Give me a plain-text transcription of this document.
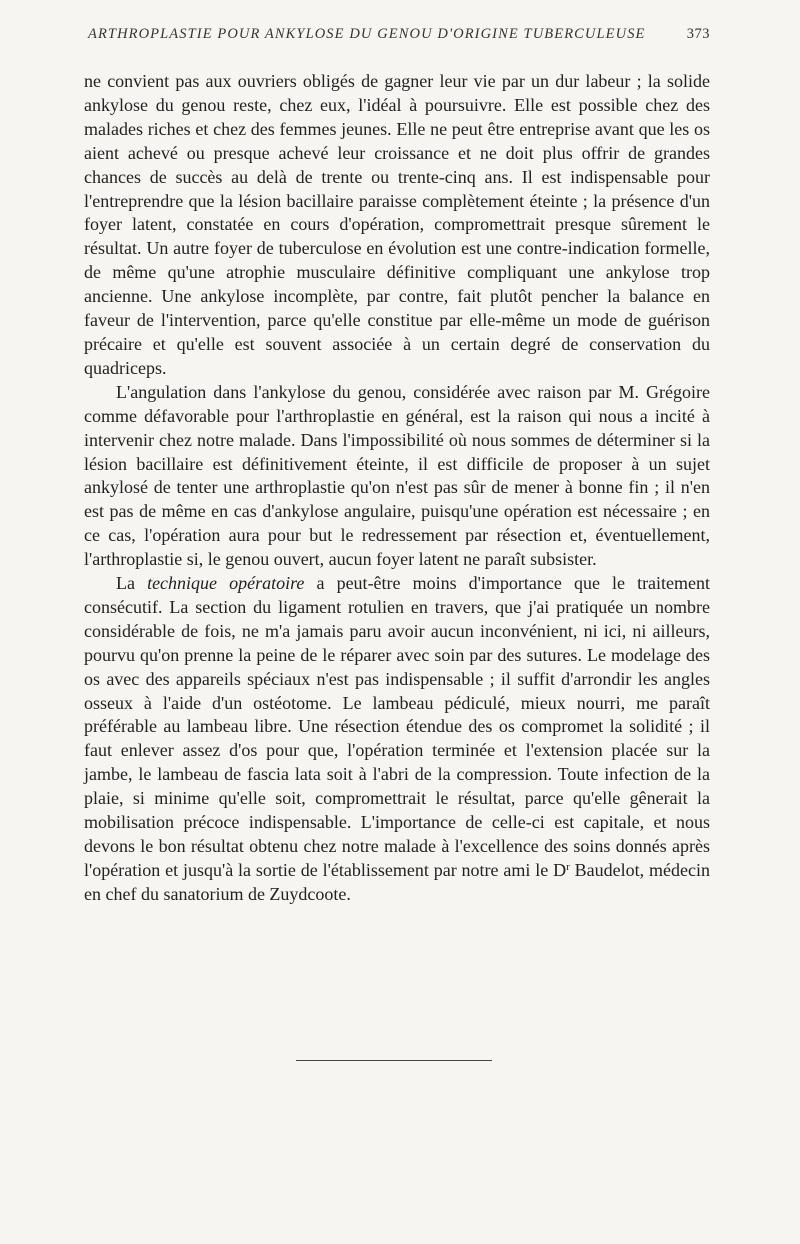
ARTHROPLASTIE POUR ANKYLOSE DU GENOU D'ORIGINE TUBERCULEUSE	373

ne convient pas aux ouvriers obligés de gagner leur vie par un dur labeur ; la solide ankylose du genou reste, chez eux, l'idéal à poursuivre. Elle est possible chez des malades riches et chez des femmes jeunes. Elle ne peut être entreprise avant que les os aient achevé ou presque achevé leur croissance et ne doit plus offrir de grandes chances de succès au delà de trente ou trente-cinq ans. Il est indispensable pour l'entreprendre que la lésion bacillaire paraisse complètement éteinte ; la présence d'un foyer latent, constatée en cours d'opération, compromettrait presque sûrement le résultat. Un autre foyer de tuberculose en évolution est une contre-indication formelle, de même qu'une atrophie musculaire définitive compliquant une ankylose trop ancienne. Une ankylose incomplète, par contre, fait plutôt pencher la balance en faveur de l'intervention, parce qu'elle constitue par elle-même un mode de guérison précaire et qu'elle est souvent associée à un certain degré de conservation du quadriceps.

L'angulation dans l'ankylose du genou, considérée avec raison par M. Grégoire comme défavorable pour l'arthroplastie en général, est la raison qui nous a incité à intervenir chez notre malade. Dans l'impossibilité où nous sommes de déterminer si la lésion bacillaire est définitivement éteinte, il est difficile de proposer à un sujet ankylosé de tenter une arthroplastie qu'on n'est pas sûr de mener à bonne fin ; il n'en est pas de même en cas d'ankylose angulaire, puisqu'une opération est nécessaire ; en ce cas, l'opération aura pour but le redressement par résection et, éventuellement, l'arthroplastie si, le genou ouvert, aucun foyer latent ne paraît subsister.

La technique opératoire a peut-être moins d'importance que le traitement consécutif. La section du ligament rotulien en travers, que j'ai pratiquée un nombre considérable de fois, ne m'a jamais paru avoir aucun inconvénient, ni ici, ni ailleurs, pourvu qu'on prenne la peine de le réparer avec soin par des sutures. Le modelage des os avec des appareils spéciaux n'est pas indispensable ; il suffit d'arrondir les angles osseux à l'aide d'un ostéotome. Le lambeau pédiculé, mieux nourri, me paraît préférable au lambeau libre. Une résection étendue des os compromet la solidité ; il faut enlever assez d'os pour que, l'opération terminée et l'extension placée sur la jambe, le lambeau de fascia lata soit à l'abri de la compression. Toute infection de la plaie, si minime qu'elle soit, compromettrait le résultat, parce qu'elle gênerait la mobilisation précoce indispensable. L'importance de celle-ci est capitale, et nous devons le bon résultat obtenu chez notre malade à l'excellence des soins donnés après l'opération et jusqu'à la sortie de l'établissement par notre ami le $D^r$ Baudelot, médecin en chef du sanatorium de Zuydcoote.
